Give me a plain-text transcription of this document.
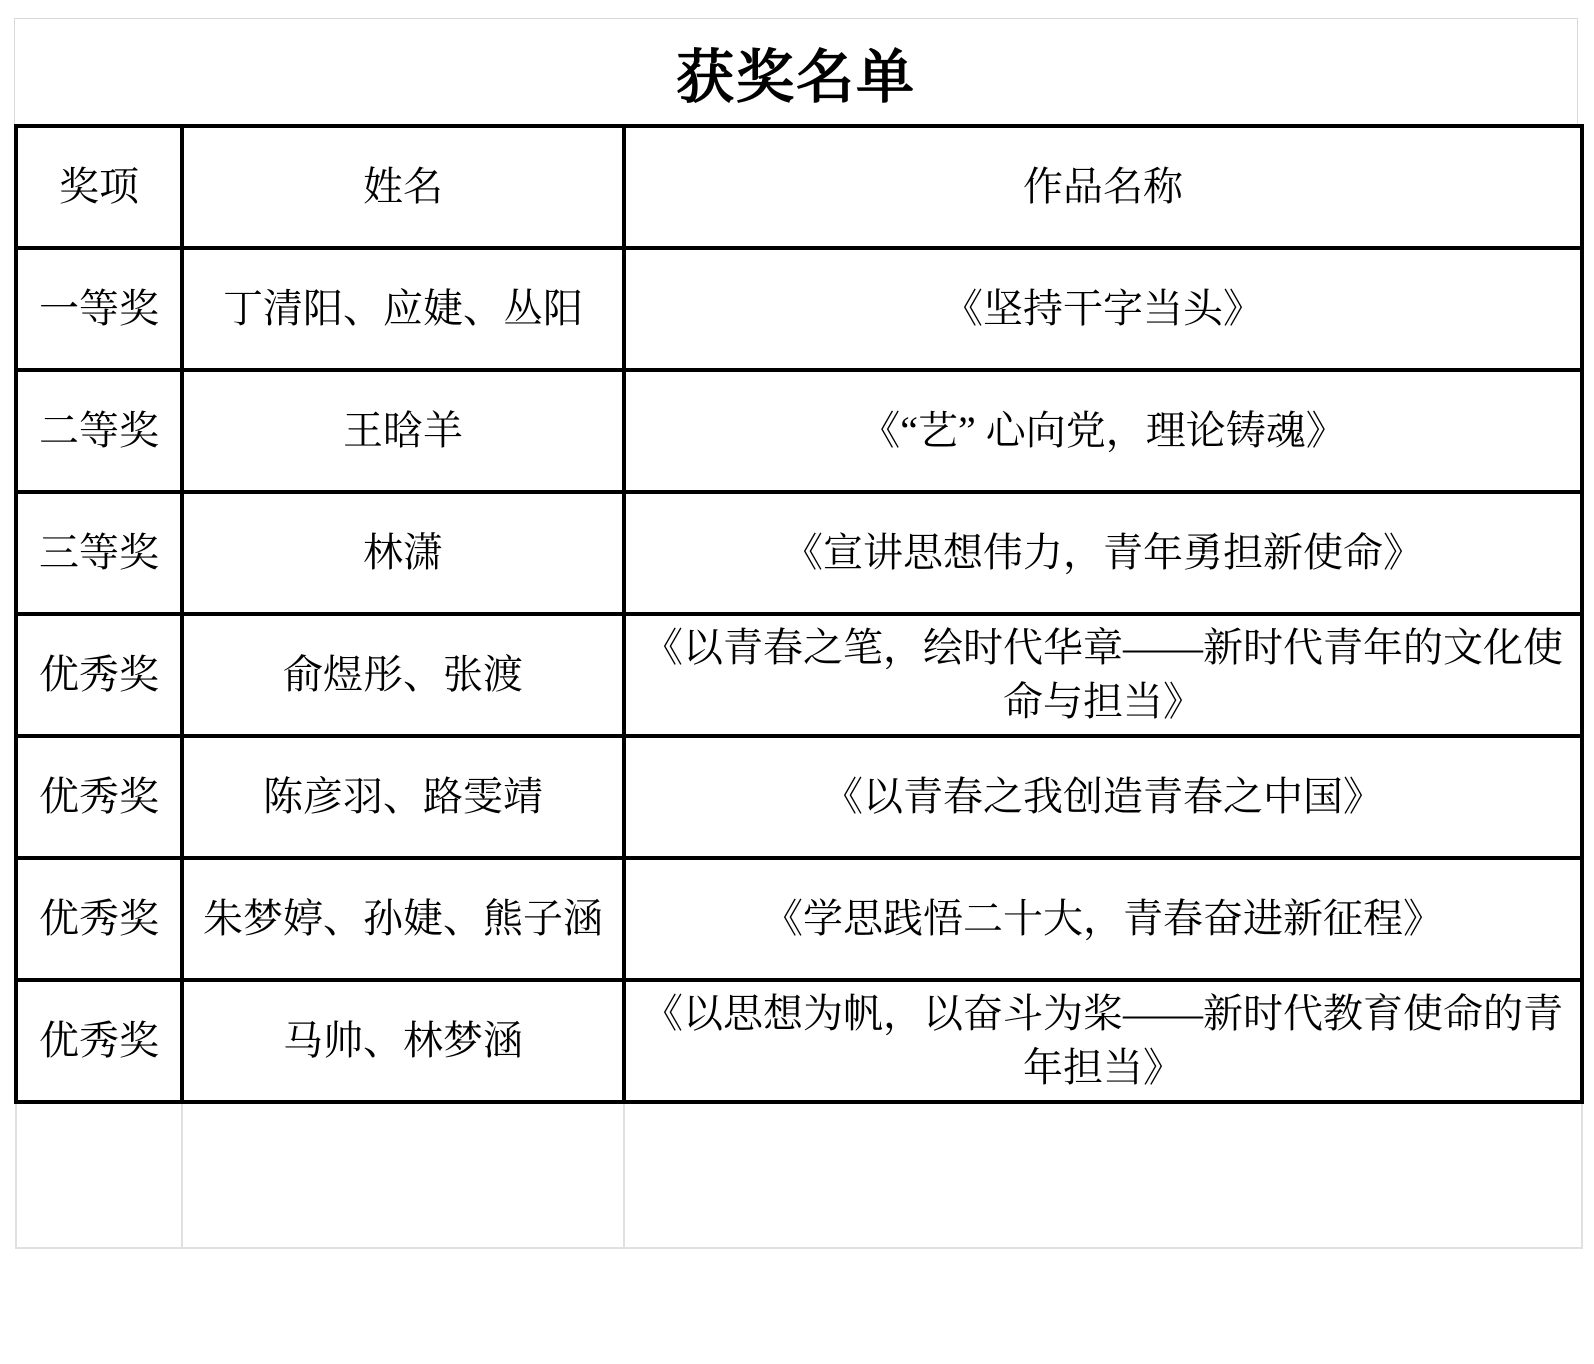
获奖名单
奖项	姓名	作品名称
一等奖	丁清阳、应婕、丛阳	《坚持干字当头》
二等奖	王晗羊	《“艺” 心向党，理论铸魂》
三等奖	林潇	《宣讲思想伟力，青年勇担新使命》
优秀奖	俞煜彤、张渡	《以青春之笔，绘时代华章——新时代青年的文化使命与担当》
优秀奖	陈彦羽、路雯靖	《以青春之我创造青春之中国》
优秀奖	朱梦婷、孙婕、熊子涵	《学思践悟二十大，青春奋进新征程》
优秀奖	马帅、林梦涵	《以思想为帆，以奋斗为桨——新时代教育使命的青年担当》
